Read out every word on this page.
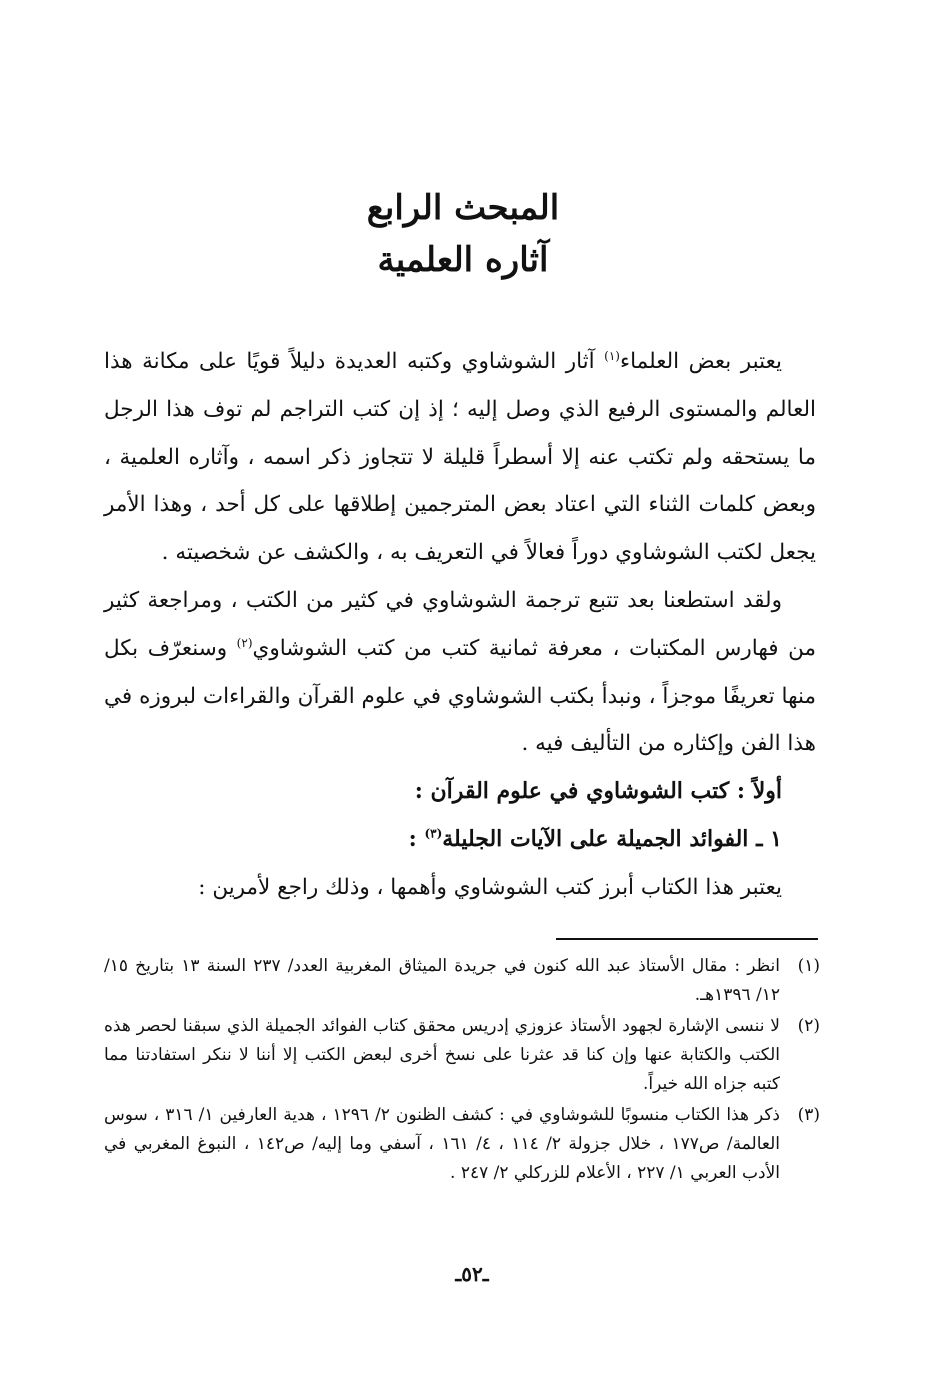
المبحث الرابع
آثاره العلمية

يعتبر بعض العلماء$^{(١)}$ آثار الشوشاوي وكتبه العديدة دليلاً قويًا على مكانة هذا العالم والمستوى الرفيع الذي وصل إليه ؛ إذ إن كتب التراجم لم توف هذا الرجل ما يستحقه ولم تكتب عنه إلا أسطراً قليلة لا تتجاوز ذكر اسمه ، وآثاره العلمية ، وبعض كلمات الثناء التي اعتاد بعض المترجمين إطلاقها على كل أحد ، وهذا الأمر يجعل لكتب الشوشاوي دوراً فعالاً في التعريف به ، والكشف عن شخصيته .

ولقد استطعنا بعد تتبع ترجمة الشوشاوي في كثير من الكتب ، ومراجعة كثير من فهارس المكتبات ، معرفة ثمانية كتب من كتب الشوشاوي$^{(٢)}$ وسنعرّف بكل منها تعريفًا موجزاً ، ونبدأ بكتب الشوشاوي في علوم القرآن والقراءات لبروزه في هذا الفن وإكثاره من التأليف فيه .

أولاً : كتب الشوشاوي في علوم القرآن :
١ ـ الفوائد الجميلة على الآيات الجليلة$^{(٣)}$ :

يعتبر هذا الكتاب أبرز كتب الشوشاوي وأهمها ، وذلك راجع لأمرين :

(١)
انظر : مقال الأستاذ عبد الله كنون في جريدة الميثاق المغربية العدد/ ٢٣٧ السنة ١٣ بتاريخ ١٥/ ١٢/ ١٣٩٦هـ.
(٢)
لا ننسى الإشارة لجهود الأستاذ عزوزي إدريس محقق كتاب الفوائد الجميلة الذي سبقنا لحصر هذه الكتب والكتابة عنها وإن كنا قد عثرنا على نسخ أخرى لبعض الكتب إلا أننا لا ننكر استفادتنا مما كتبه جزاه الله خيراً.
(٣)
ذكر هذا الكتاب منسوبًا للشوشاوي في : كشف الظنون ٢/ ١٢٩٦ ، هدية العارفين ١/ ٣١٦ ، سوس العالمة/ ص١٧٧ ، خلال جزولة ٢/ ١١٤ ، ٤/ ١٦١ ، آسفي وما إليه/ ص١٤٢ ، النبوغ المغربي في الأدب العربي ١/ ٢٢٧ ، الأعلام للزركلي ٢/ ٢٤٧ .
ـ٥٢ـ
